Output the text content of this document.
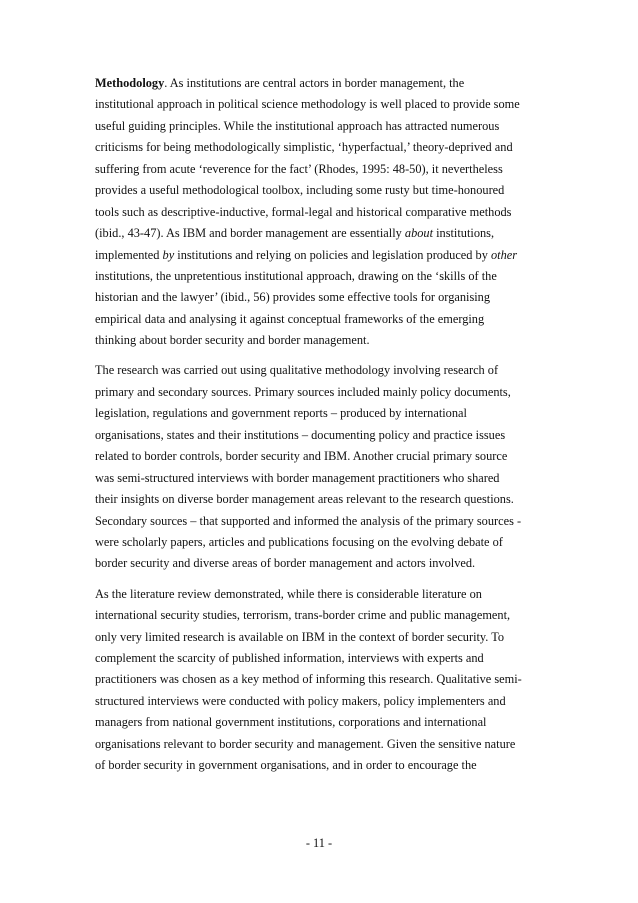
Methodology. As institutions are central actors in border management, the
institutional approach in political science methodology is well placed to provide some
useful guiding principles. While the institutional approach has attracted numerous
criticisms for being methodologically simplistic, ‘hyperfactual,’ theory-deprived and
suffering from acute ‘reverence for the fact’ (Rhodes, 1995: 48-50), it nevertheless
provides a useful methodological toolbox, including some rusty but time-honoured
tools such as descriptive-inductive, formal-legal and historical comparative methods
(ibid., 43-47). As IBM and border management are essentially about institutions,
implemented by institutions and relying on policies and legislation produced by other
institutions, the unpretentious institutional approach, drawing on the ‘skills of the
historian and the lawyer’ (ibid., 56) provides some effective tools for organising
empirical data and analysing it against conceptual frameworks of the emerging
thinking about border security and border management.
The research was carried out using qualitative methodology involving research of
primary and secondary sources. Primary sources included mainly policy documents,
legislation, regulations and government reports – produced by international
organisations, states and their institutions – documenting policy and practice issues
related to border controls, border security and IBM. Another crucial primary source
was semi-structured interviews with border management practitioners who shared
their insights on diverse border management areas relevant to the research questions.
Secondary sources – that supported and informed the analysis of the primary sources -
were scholarly papers, articles and publications focusing on the evolving debate of
border security and diverse areas of border management and actors involved.
As the literature review demonstrated, while there is considerable literature on
international security studies, terrorism, trans-border crime and public management,
only very limited research is available on IBM in the context of border security. To
complement the scarcity of published information, interviews with experts and
practitioners was chosen as a key method of informing this research. Qualitative semi-
structured interviews were conducted with policy makers, policy implementers and
managers from national government institutions, corporations and international
organisations relevant to border security and management. Given the sensitive nature
of border security in government organisations, and in order to encourage the
- 11 -
